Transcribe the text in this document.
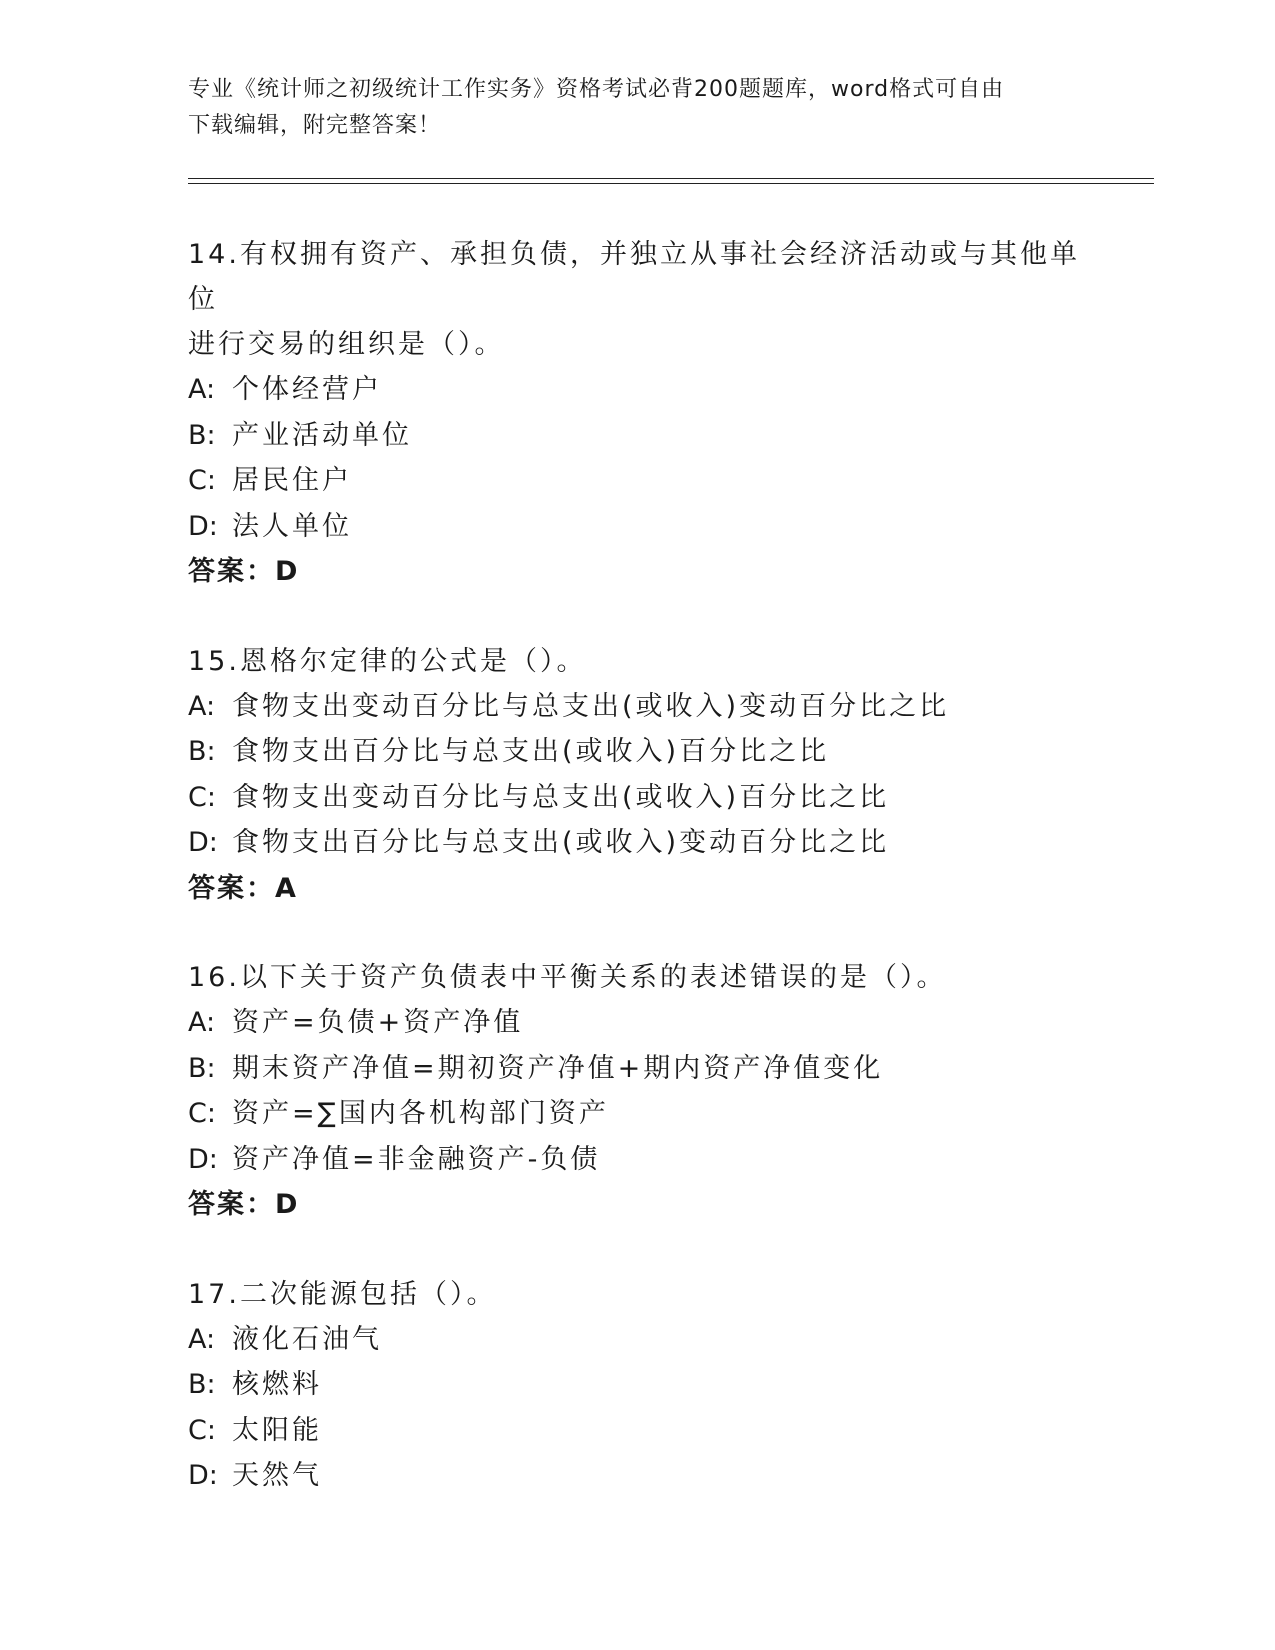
专业《统计师之初级统计工作实务》资格考试必背200题题库，word格式可自由
下载编辑，附完整答案！
14.有权拥有资产、承担负债，并独立从事社会经济活动或与其他单位
进行交易的组织是（）。
A: 个体经营户
B: 产业活动单位
C: 居民住户
D: 法人单位
答案：D
15.恩格尔定律的公式是（）。
A: 食物支出变动百分比与总支出(或收入)变动百分比之比
B: 食物支出百分比与总支出(或收入)百分比之比
C: 食物支出变动百分比与总支出(或收入)百分比之比
D: 食物支出百分比与总支出(或收入)变动百分比之比
答案：A
16.以下关于资产负债表中平衡关系的表述错误的是（）。
A: 资产=负债+资产净值
B: 期末资产净值=期初资产净值+期内资产净值变化
C: 资产=∑国内各机构部门资产
D: 资产净值=非金融资产-负债
答案：D
17.二次能源包括（）。
A: 液化石油气
B: 核燃料
C: 太阳能
D: 天然气
